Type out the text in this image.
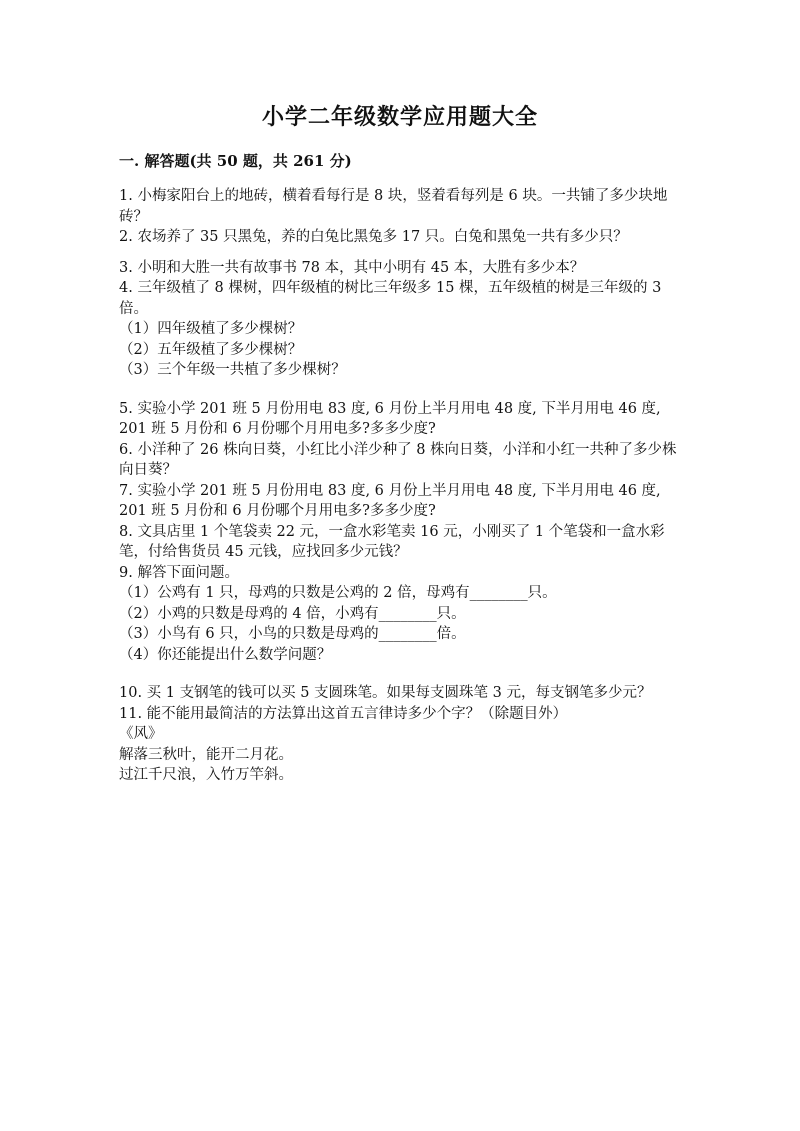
小学二年级数学应用题大全
一. 解答题(共 50 题，共 261 分)

1. 小梅家阳台上的地砖，横着看每行是 8 块，竖着看每列是 6 块。一共铺了多少块地砖？

2. 农场养了 35 只黑兔，养的白兔比黑兔多 17 只。白兔和黑兔一共有多少只？

3. 小明和大胜一共有故事书 78 本，其中小明有 45 本，大胜有多少本？

4. 三年级植了 8 棵树，四年级植的树比三年级多 15 棵，五年级植的树是三年级的 3 倍。

（1）四年级植了多少棵树？

（2）五年级植了多少棵树？

（3）三个年级一共植了多少棵树？

5. 实验小学 201 班 5 月份用电 83 度, 6 月份上半月用电 48 度, 下半月用电 46 度, 201 班 5 月份和 6 月份哪个月用电多?多多少度?

6. 小洋种了 26 株向日葵，小红比小洋少种了 8 株向日葵，小洋和小红一共种了多少株向日葵？

7. 实验小学 201 班 5 月份用电 83 度, 6 月份上半月用电 48 度, 下半月用电 46 度, 201 班 5 月份和 6 月份哪个月用电多?多多少度?

8. 文具店里 1 个笔袋卖 22 元，一盒水彩笔卖 16 元，小刚买了 1 个笔袋和一盒水彩笔，付给售货员 45 元钱，应找回多少元钱？

9. 解答下面问题。

（1）公鸡有 1 只，母鸡的只数是公鸡的 2 倍，母鸡有________只。

（2）小鸡的只数是母鸡的 4 倍，小鸡有________只。

（3）小鸟有 6 只，小鸟的只数是母鸡的________倍。

（4）你还能提出什么数学问题？

10. 买 1 支钢笔的钱可以买 5 支圆珠笔。如果每支圆珠笔 3 元，每支钢笔多少元？

11. 能不能用最简洁的方法算出这首五言律诗多少个字？（除题目外）

《风》

解落三秋叶，能开二月花。

过江千尺浪，入竹万竿斜。
